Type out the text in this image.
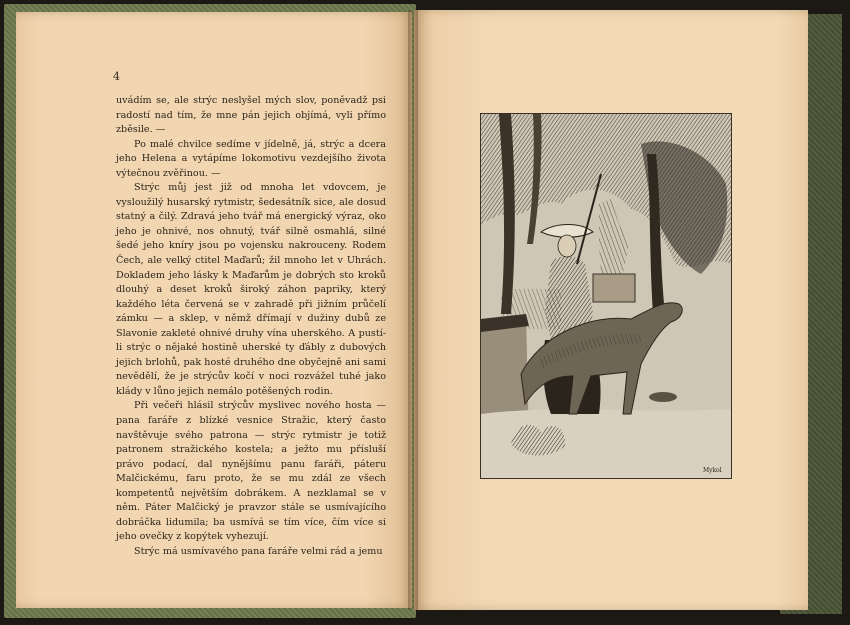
4

uvádím se, ale strýc neslyšel mých slov, poněvadž psi radostí nad tím, že mne pán jejich objímá, vyli přímo zběsile. —

Po malé chvilce sedíme v jídelně, já, strýc a dcera jeho Helena a vytápíme lokomotivu vezdejšího života výtečnou zvěřinou. —

Strýc můj jest již od mnoha let vdovcem, je vysloužilý husarský rytmistr, šedesátník sice, ale dosud statný a čilý. Zdravá jeho tvář má energický výraz, oko jeho je ohnivé, nos ohnutý, tvář silně osmahlá, silné šedé jeho kníry jsou po vojensku nakrouceny. Rodem Čech, ale velký ctitel Maďarů; žil mnoho let v Uhrách. Dokladem jeho lásky k Maďarům je dobrých sto kroků dlouhý a deset kroků široký záhon papriky, který každého léta červená se v zahradě při jižním průčelí zámku — a sklep, v němž dřímají v dužiny dubů ze Slavonie zakleté ohnivé druhy vína uherského. A pustí-li strýc o nějaké hostině uherské ty ďábly z dubových jejich brlohů, pak hosté druhého dne obyčejně ani sami nevědělí, že je strýcův kočí v noci rozvážel tuhé jako klády v lůno jejich nemálo potěšených rodin.

Při večeři hlásil strýcův myslivec nového hosta — pana faráře z blízké vesnice Stražic, který často navštěvuje svého patrona — strýc rytmistr je totiž patronem stražického kostela; a ježto mu přísluší právo podací, dal nynějšímu panu faráři, páteru Malčickému, faru proto, že se mu zdál ze všech kompetentů největším dobrákem. A nezklamal se v něm. Páter Malčický je pravzor stále se usmívajícího dobráčka lidumila; ba usmívá se tím více, čím více si jeho ovečky z kopýtek vyhezují.

Strýc má usmívavého pana faráře velmi rád a jemu

Mykol
